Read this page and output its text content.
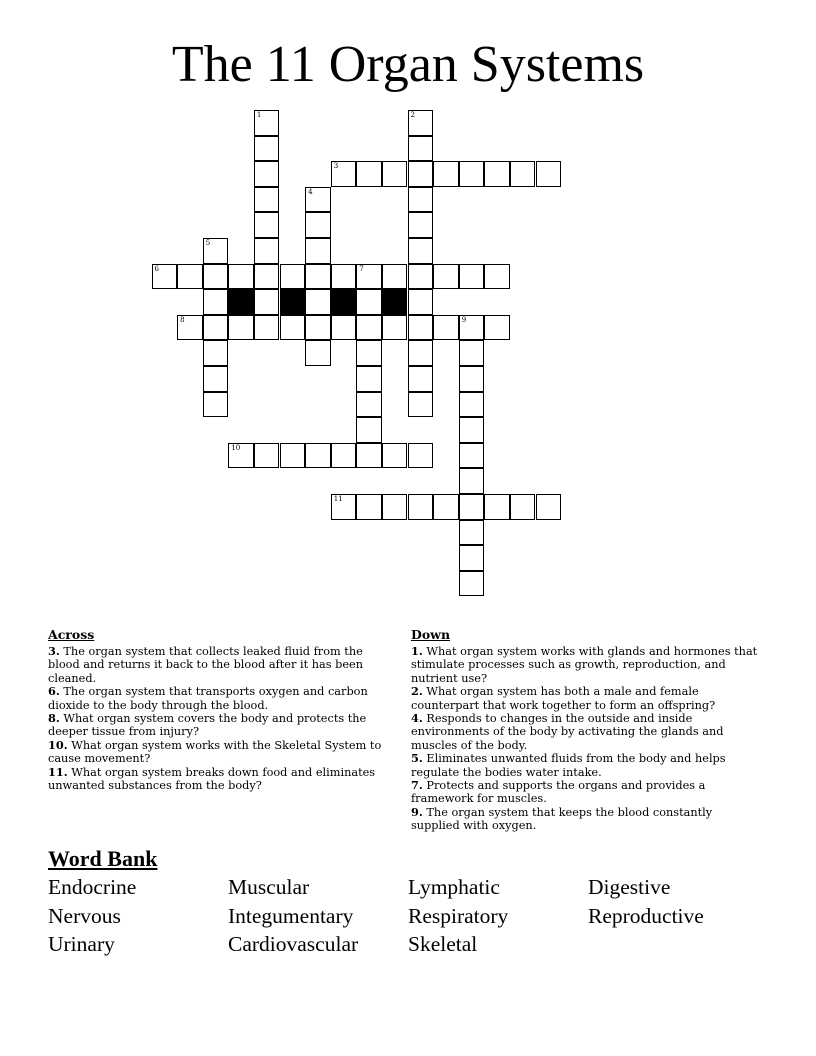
The 11 Organ Systems
1	2
3
4
5
6	7
8	9
10
11
Across

3. The organ system that collects leaked fluid from the blood and returns it back to the blood after it has been cleaned.

6. The organ system that transports oxygen and carbon dioxide to the body through the blood.

8. What organ system covers the body and protects the deeper tissue from injury?

10. What organ system works with the Skeletal System to cause movement?

11. What organ system breaks down food and eliminates unwanted substances from the body?

Down

1. What organ system works with glands and hormones that stimulate processes such as growth, reproduction, and nutrient use?

2. What organ system has both a male and female counterpart that work together to form an offspring?

4. Responds to changes in the outside and inside environments of the body by activating the glands and muscles of the body.

5. Eliminates unwanted fluids from the body and helps regulate the bodies water intake.

7. Protects and supports the organs and provides a framework for muscles.

9. The organ system that keeps the blood constantly supplied with oxygen.

Word Bank
Endocrine	Muscular	Lymphatic	Digestive
Nervous	Integumentary	Respiratory	Reproductive
Urinary	Cardiovascular	Skeletal
